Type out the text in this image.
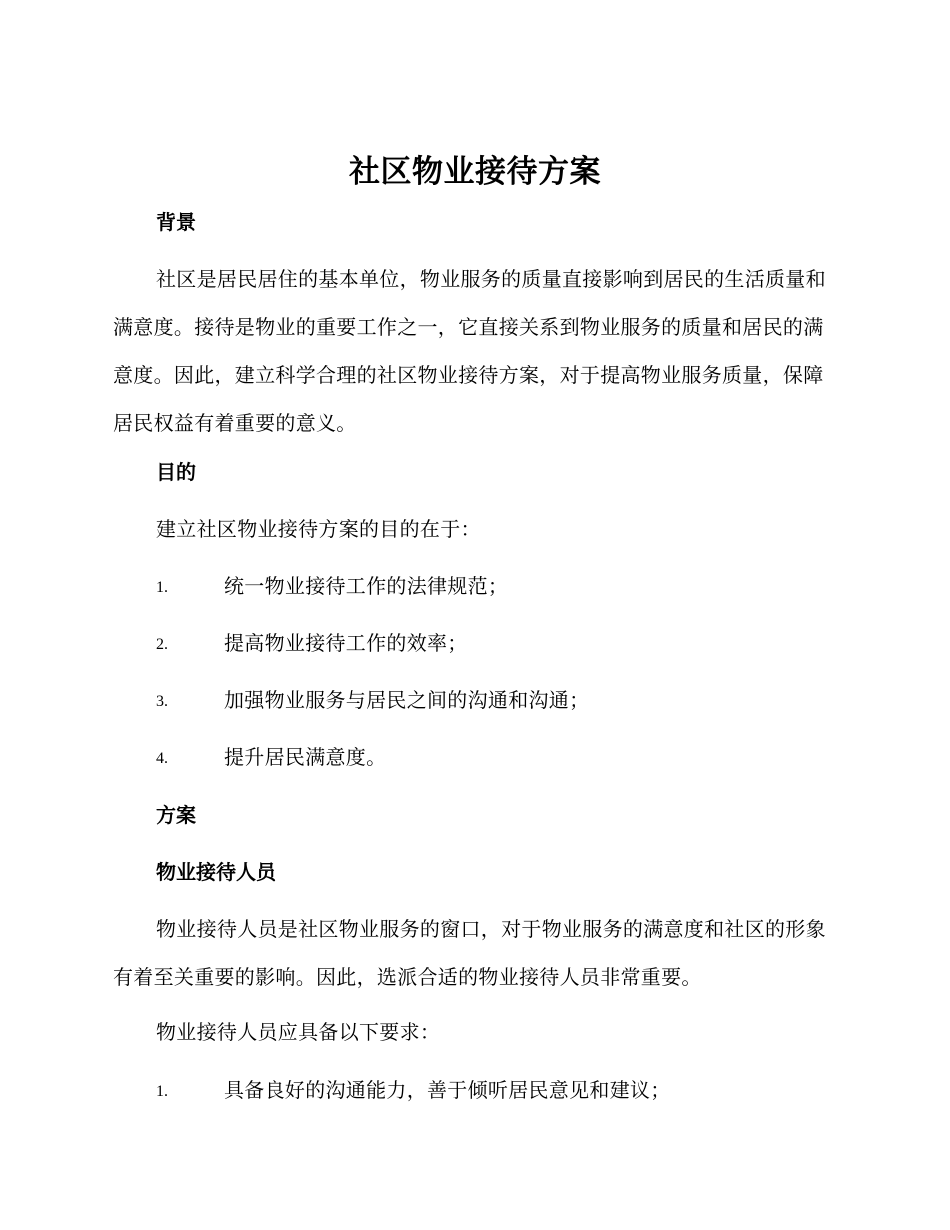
社区物业接待方案
背景

社区是居民居住的基本单位，物业服务的质量直接影响到居民的生活质量和满意度。接待是物业的重要工作之一，它直接关系到物业服务的质量和居民的满意度。因此，建立科学合理的社区物业接待方案，对于提高物业服务质量，保障居民权益有着重要的意义。

目的
建立社区物业接待方案的目的在于：
1.	统一物业接待工作的法律规范；
2.	提高物业接待工作的效率；
3.	加强物业服务与居民之间的沟通和沟通；
4.	提升居民满意度。
方案
物业接待人员

物业接待人员是社区物业服务的窗口，对于物业服务的满意度和社区的形象有着至关重要的影响。因此，选派合适的物业接待人员非常重要。

物业接待人员应具备以下要求：
1.	具备良好的沟通能力，善于倾听居民意见和建议；
